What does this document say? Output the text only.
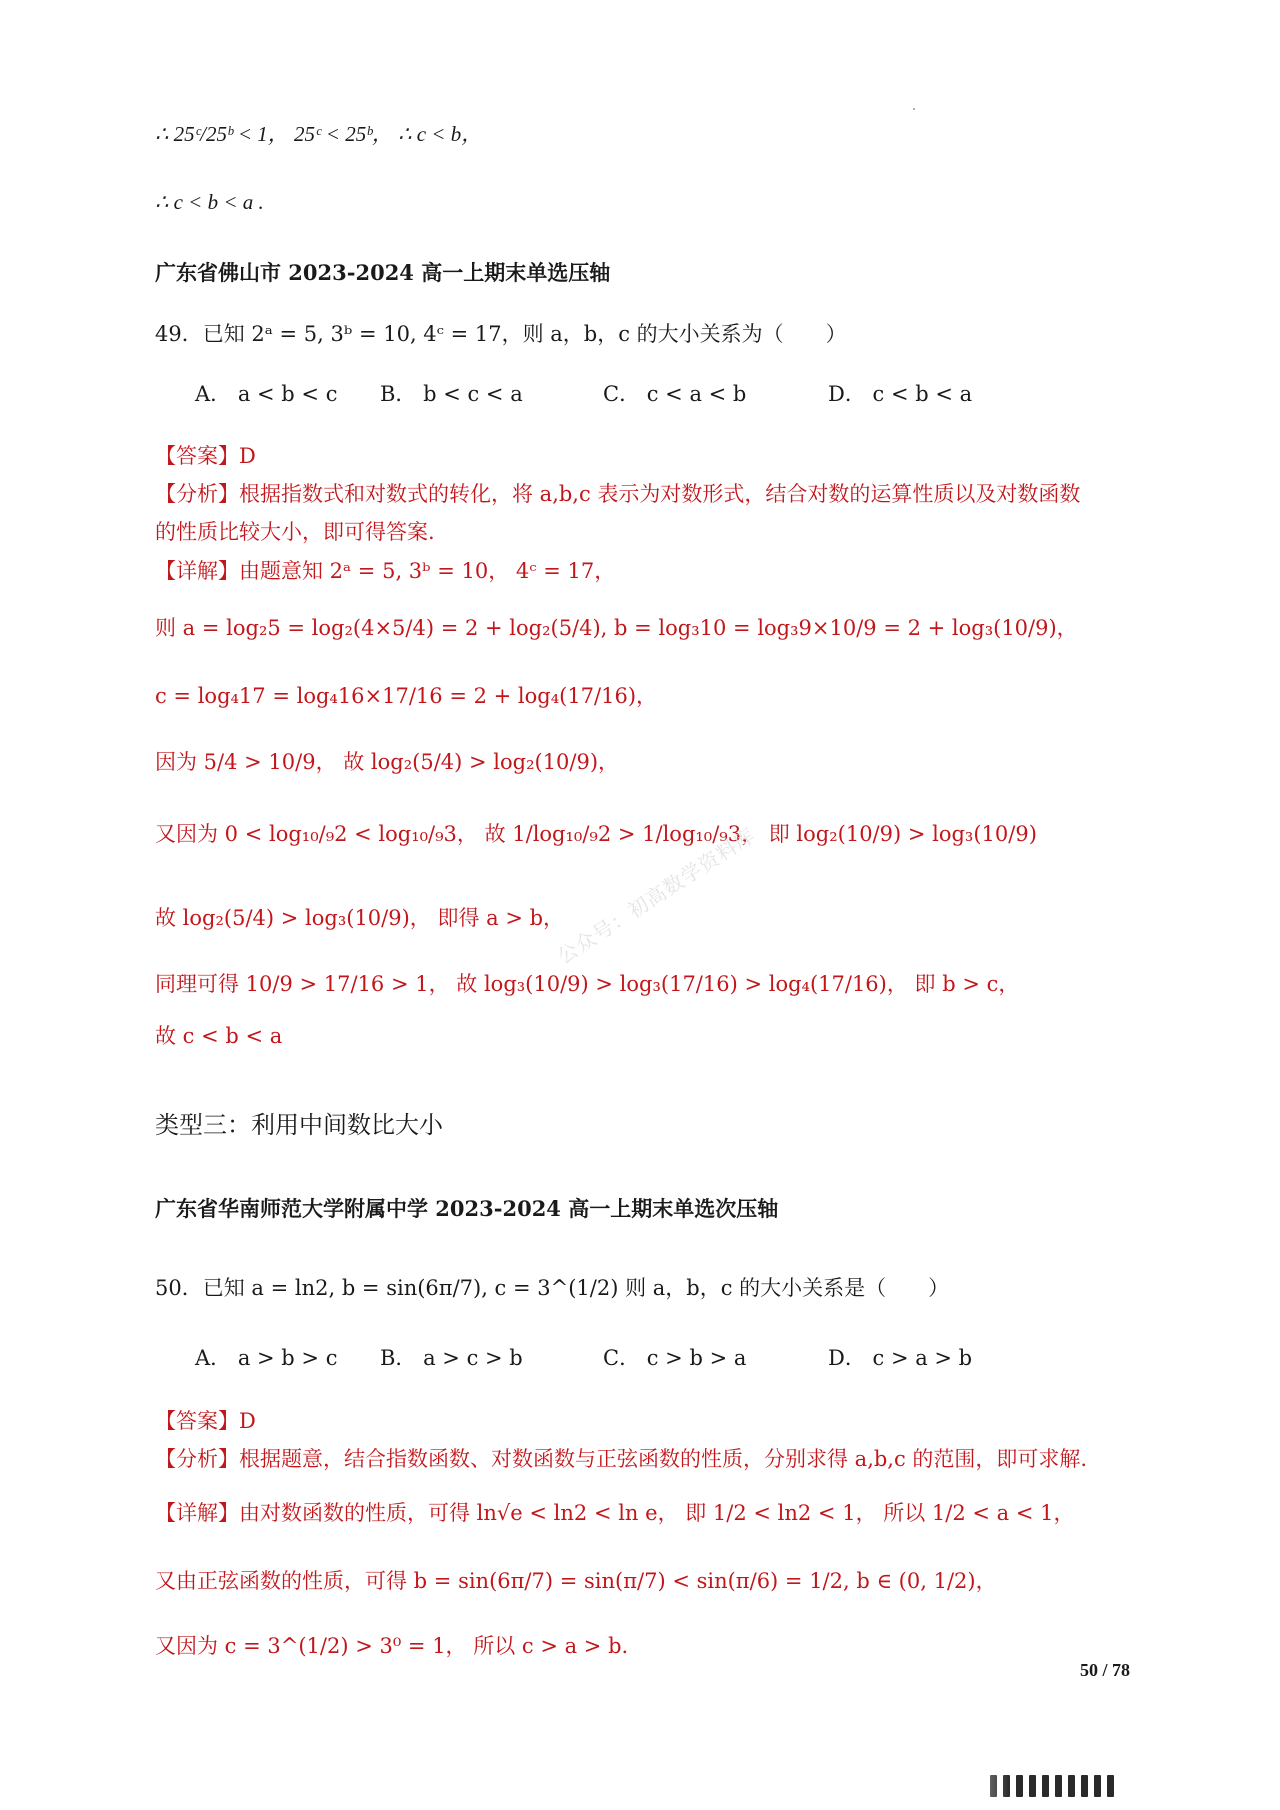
∴ 25ᶜ/25ᵇ < 1， 25ᶜ < 25ᵇ， ∴ c < b，
∴ c < b < a .
广东省佛山市 2023-2024 高一上期末单选压轴
49．已知 2ᵃ = 5, 3ᵇ = 10, 4ᶜ = 17，则 a，b，c 的大小关系为（　　）
A． a < b < c B． b < c < a	C． c < a < b	D． c < b < a
【答案】D
【分析】根据指数式和对数式的转化，将 a,b,c 表示为对数形式，结合对数的运算性质以及对数函数
的性质比较大小，即可得答案.
【详解】由题意知 2ᵃ = 5, 3ᵇ = 10， 4ᶜ = 17，
则 a = log₂5 = log₂(4×5/4) = 2 + log₂(5/4), b = log₃10 = log₃9×10/9 = 2 + log₃(10/9)，
c = log₄17 = log₄16×17/16 = 2 + log₄(17/16)，
因为 5/4 > 10/9， 故 log₂(5/4) > log₂(10/9)，
又因为 0 < log₁₀/₉2 < log₁₀/₉3， 故 1/log₁₀/₉2 > 1/log₁₀/₉3， 即 log₂(10/9) > log₃(10/9)
故 log₂(5/4) > log₃(10/9)， 即得 a > b，
同理可得 10/9 > 17/16 > 1， 故 log₃(10/9) > log₃(17/16) > log₄(17/16)， 即 b > c，
故 c < b < a
类型三：利用中间数比大小
广东省华南师范大学附属中学 2023-2024 高一上期末单选次压轴
50．已知 a = ln2, b = sin(6π/7), c = 3^(1/2) 则 a，b，c 的大小关系是（　　）
A． a > b > c B． a > c > b	C． c > b > a	D． c > a > b
【答案】D
【分析】根据题意，结合指数函数、对数函数与正弦函数的性质，分别求得 a,b,c 的范围，即可求解.
【详解】由对数函数的性质，可得 ln√e < ln2 < ln e， 即 1/2 < ln2 < 1， 所以 1/2 < a < 1，
又由正弦函数的性质，可得 b = sin(6π/7) = sin(π/7) < sin(π/6) = 1/2, b ∈ (0, 1/2)，
又因为 c = 3^(1/2) > 3⁰ = 1， 所以 c > a > b.
公众号：初高数学资料库
50 / 78
